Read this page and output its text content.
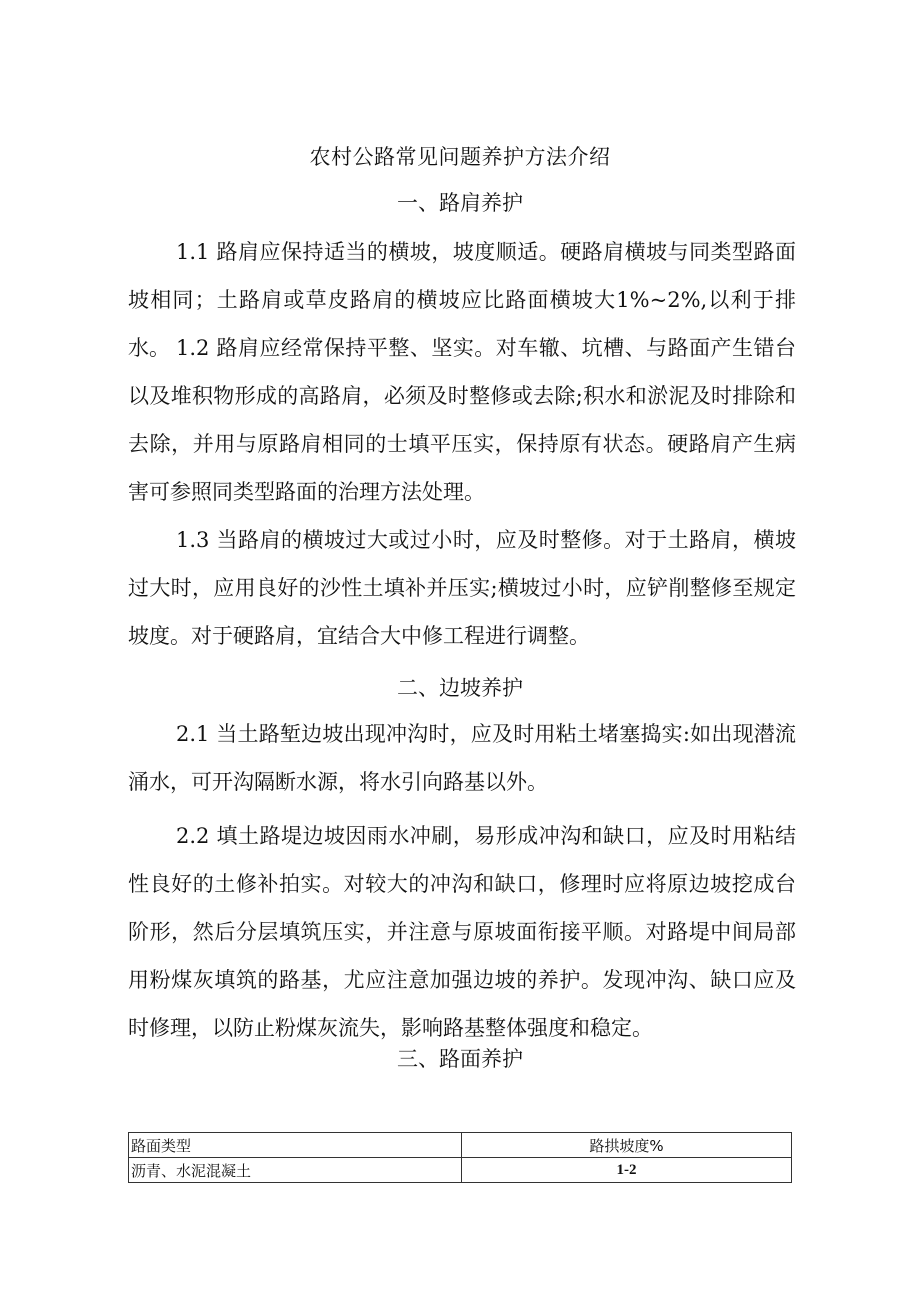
农村公路常见问题养护方法介绍
一、路肩养护
1.1 路肩应保持适当的横坡，坡度顺适。硬路肩横坡与同类型路面坡相同；土路肩或草皮路肩的横坡应比路面横坡大1%~2%,以利于排水。 1.2 路肩应经常保持平整、坚实。对车辙、坑槽、与路面产生错台以及堆积物形成的高路肩，必须及时整修或去除;积水和淤泥及时排除和去除，并用与原路肩相同的士填平压实，保持原有状态。硬路肩产生病害可参照同类型路面的治理方法处理。
1.3 当路肩的横坡过大或过小时，应及时整修。对于土路肩，横坡过大时，应用良好的沙性土填补并压实;横坡过小时，应铲削整修至规定坡度。对于硬路肩，宜结合大中修工程进行调整。
二、边坡养护
2.1 当土路堑边坡出现冲沟时，应及时用粘土堵塞捣实:如出现潜流涌水，可开沟隔断水源，将水引向路基以外。
2.2 填土路堤边坡因雨水冲刷，易形成冲沟和缺口，应及时用粘结性良好的土修补拍实。对较大的冲沟和缺口，修理时应将原边坡挖成台阶形，然后分层填筑压实，并注意与原坡面衔接平顺。对路堤中间局部用粉煤灰填筑的路基，尤应注意加强边坡的养护。发现冲沟、缺口应及时修理，以防止粉煤灰流失，影响路基整体强度和稳定。
三、路面养护
路面类型	路拱坡度%
沥青、水泥混凝土	1-2
